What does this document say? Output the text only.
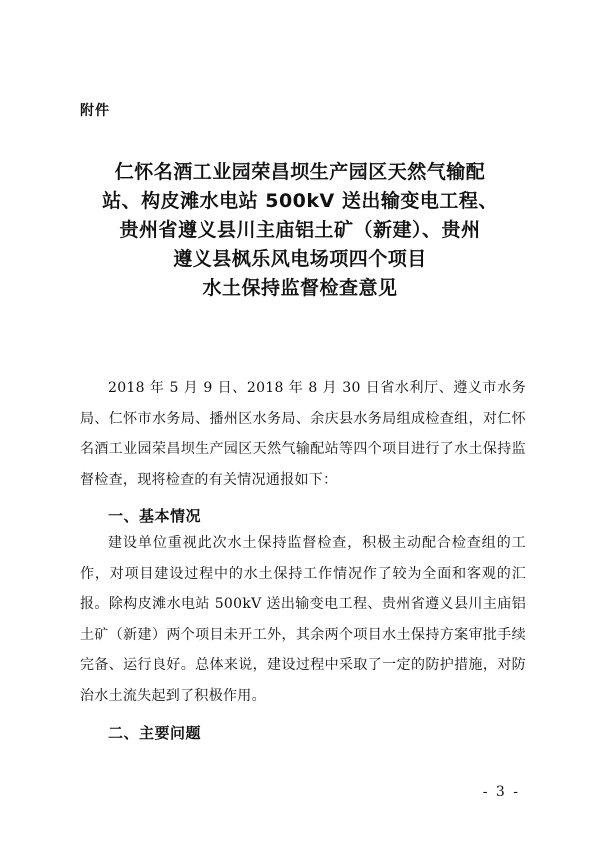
附件
仁怀名酒工业园荣昌坝生产园区天然气输配
站、构皮滩水电站 500kV 送出输变电工程、
贵州省遵义县川主庙铝土矿（新建）、贵州
遵义县枫乐风电场项四个项目
水土保持监督检查意见

2018 年 5 月 9 日、2018 年 8 月 30 日省水利厅、遵义市水务局、仁怀市水务局、播州区水务局、余庆县水务局组成检查组，对仁怀名酒工业园荣昌坝生产园区天然气输配站等四个项目进行了水土保持监督检查，现将检查的有关情况通报如下：

一、基本情况

建设单位重视此次水土保持监督检查，积极主动配合检查组的工作，对项目建设过程中的水土保持工作情况作了较为全面和客观的汇报。除构皮滩水电站 500kV 送出输变电工程、贵州省遵义县川主庙铝土矿（新建）两个项目未开工外，其余两个项目水土保持方案审批手续完备、运行良好。总体来说，建设过程中采取了一定的防护措施，对防治水土流失起到了积极作用。

二、主要问题
- 3 -
